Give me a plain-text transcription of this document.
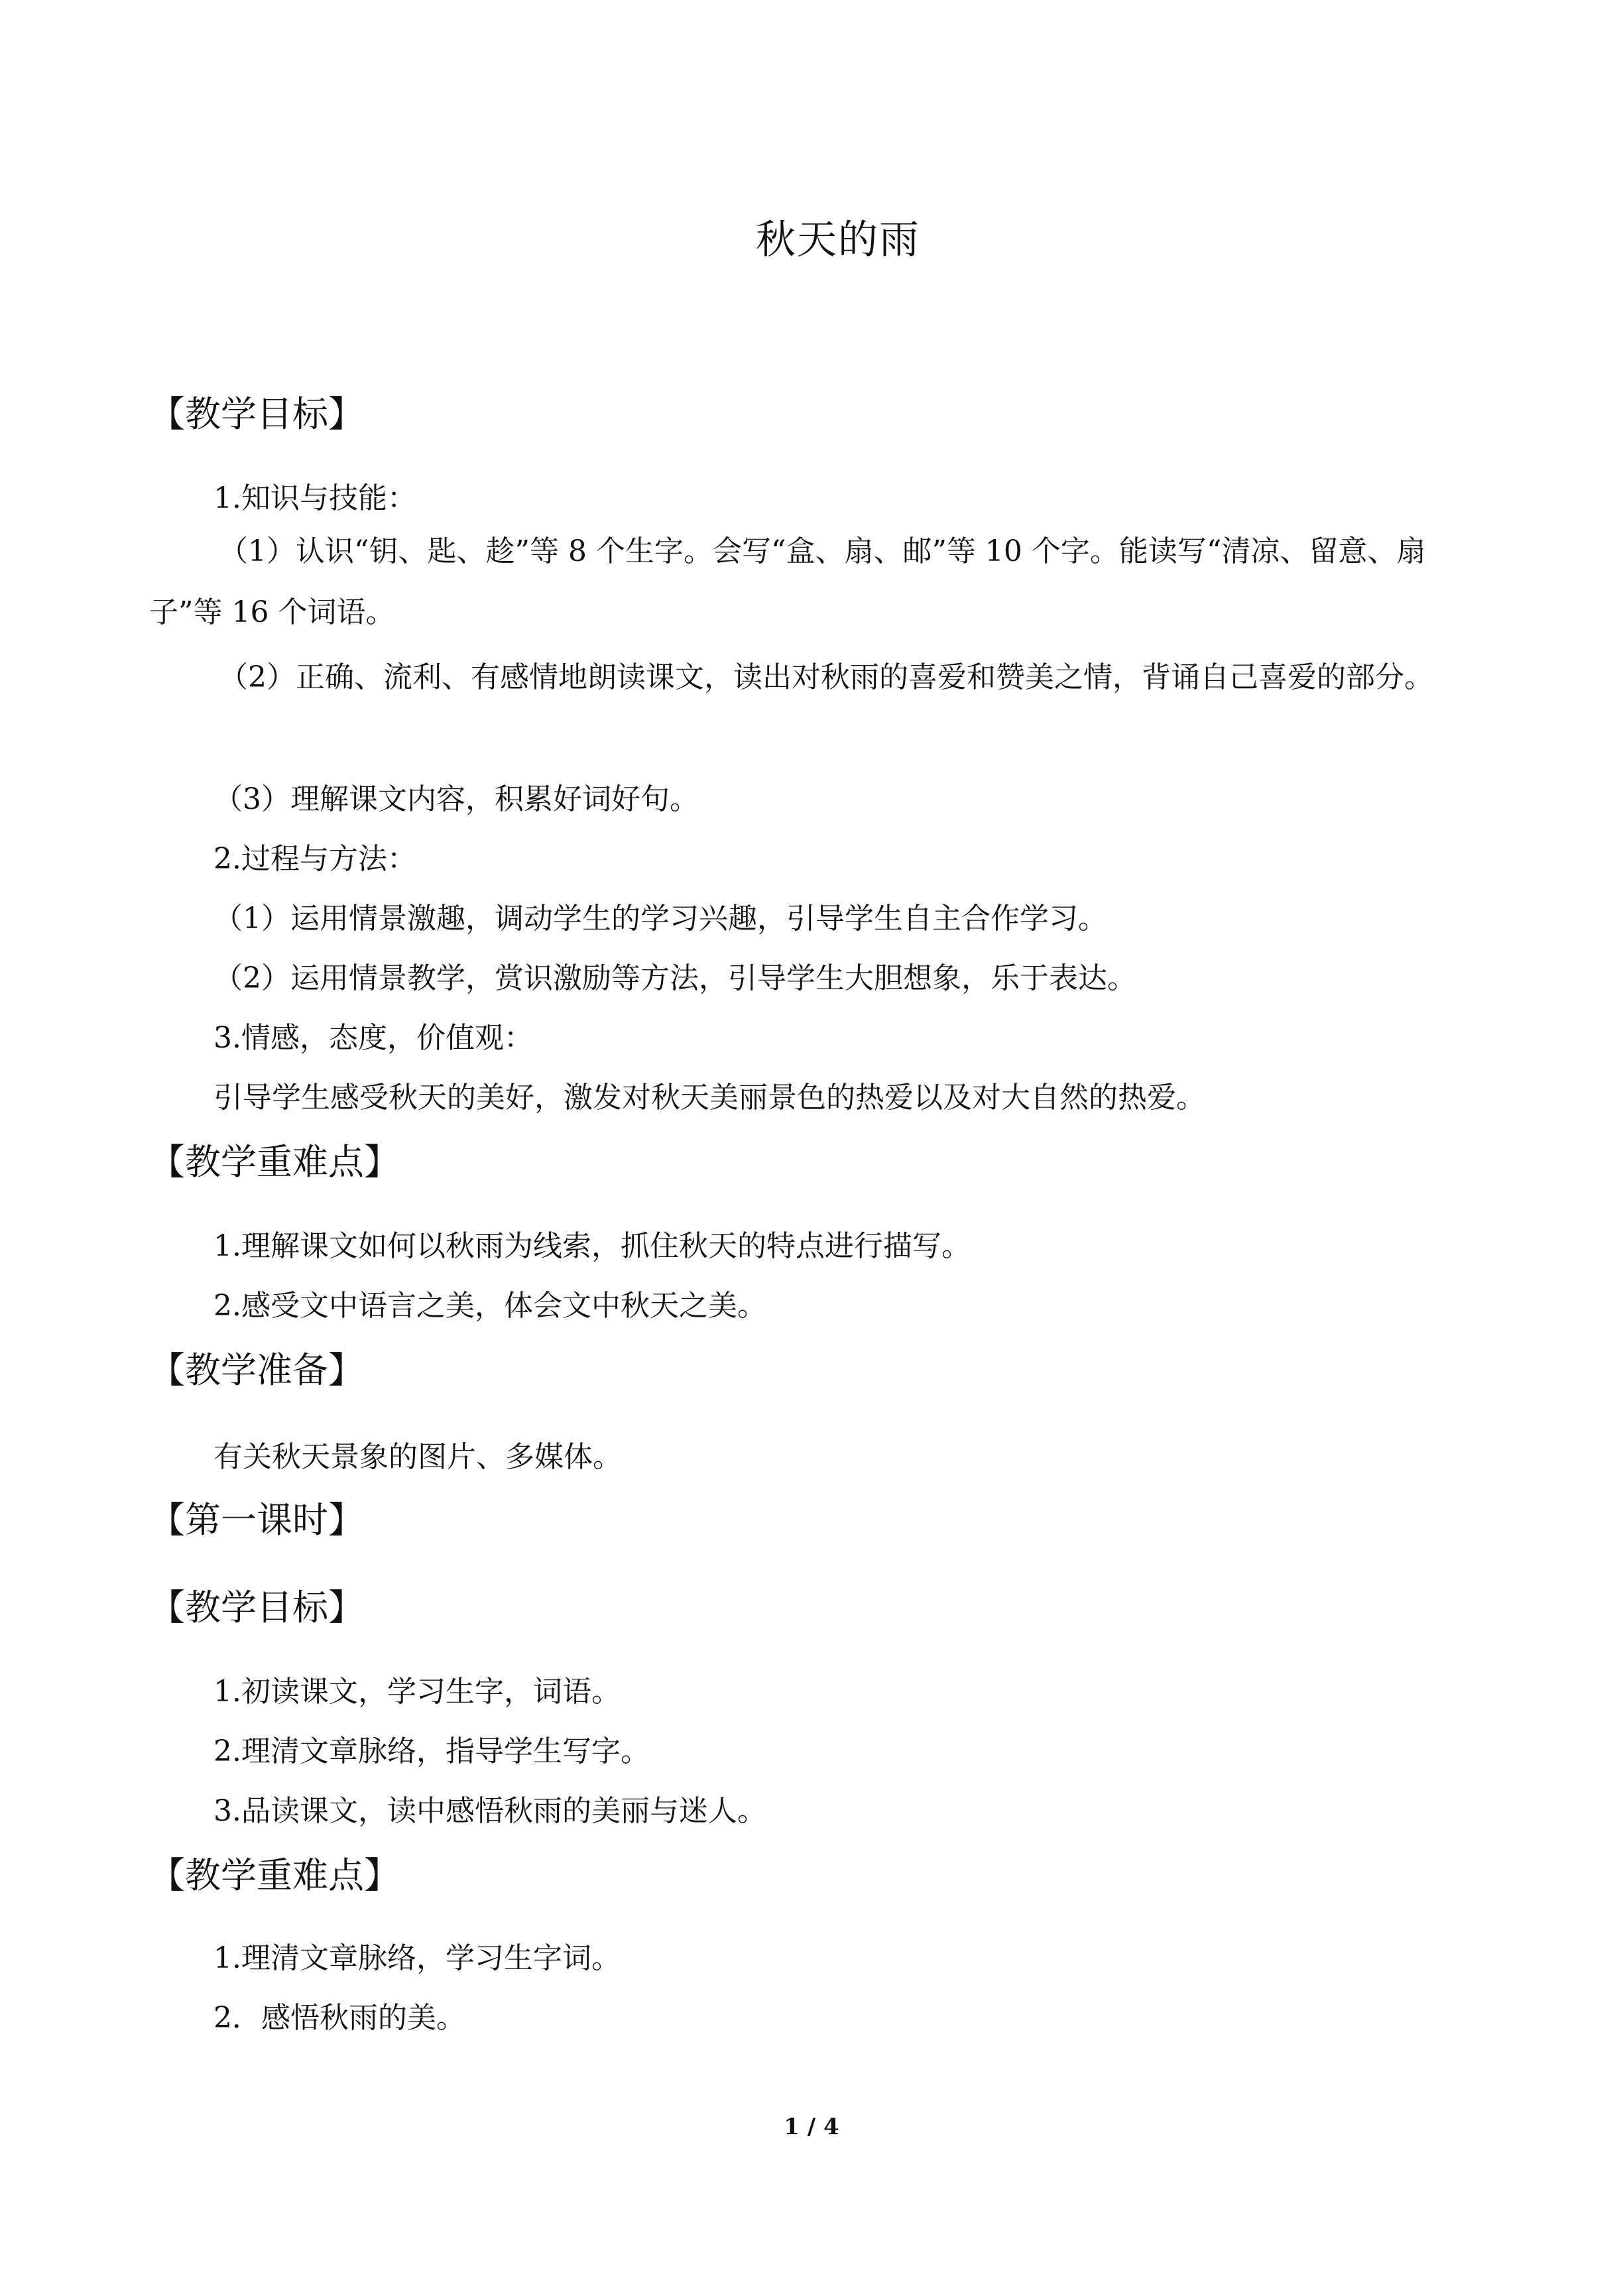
秋天的雨
【教学目标】
1.知识与技能：
（1）认识“钥、匙、趁”等 8 个生字。会写“盒、扇、邮”等 10 个字。能读写“清凉、留意、扇子”等 16 个词语。
（2）正确、流利、有感情地朗读课文，读出对秋雨的喜爱和赞美之情，背诵自己喜爱的部分。
（3）理解课文内容，积累好词好句。
2.过程与方法：
（1）运用情景激趣，调动学生的学习兴趣，引导学生自主合作学习。
（2）运用情景教学，赏识激励等方法，引导学生大胆想象，乐于表达。
3.情感，态度，价值观：
引导学生感受秋天的美好，激发对秋天美丽景色的热爱以及对大自然的热爱。
【教学重难点】
1.理解课文如何以秋雨为线索，抓住秋天的特点进行描写。
2.感受文中语言之美，体会文中秋天之美。
【教学准备】
有关秋天景象的图片、多媒体。
【第一课时】
【教学目标】
1.初读课文，学习生字，词语。
2.理清文章脉络，指导学生写字。
3.品读课文，读中感悟秋雨的美丽与迷人。
【教学重难点】
1.理清文章脉络，学习生字词。
2．感悟秋雨的美。
1 / 4
